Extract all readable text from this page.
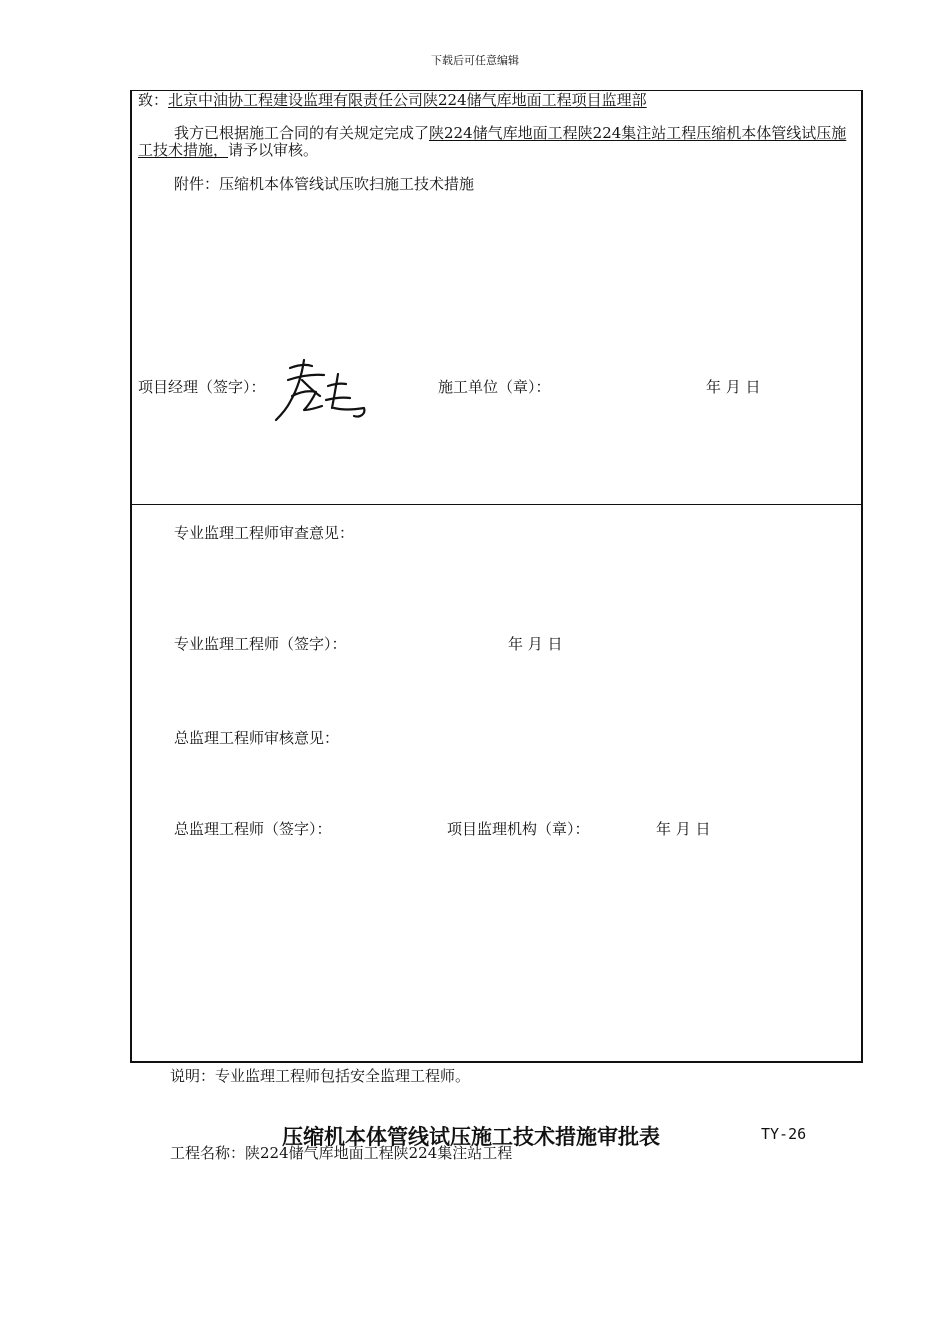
下载后可任意编辑
致：北京中油协工程建设监理有限责任公司陕224储气库地面工程项目监理部

我方已根据施工合同的有关规定完成了陕224储气库地面工程陕224集注站工程压缩机本体管线试压施工技术措施，请予以审核。

附件：压缩机本体管线试压吹扫施工技术措施
项目经理（签字）：	施工单位（章）：	年 月 日
专业监理工程师审查意见：
专业监理工程师（签字）：	年 月 日
总监理工程师审核意见：
总监理工程师（签字）：	项目监理机构（章）：	年 月 日
说明：专业监理工程师包括安全监理工程师。
压缩机本体管线试压施工技术措施审批表	TY-26
工程名称：陕224储气库地面工程陕224集注站工程
